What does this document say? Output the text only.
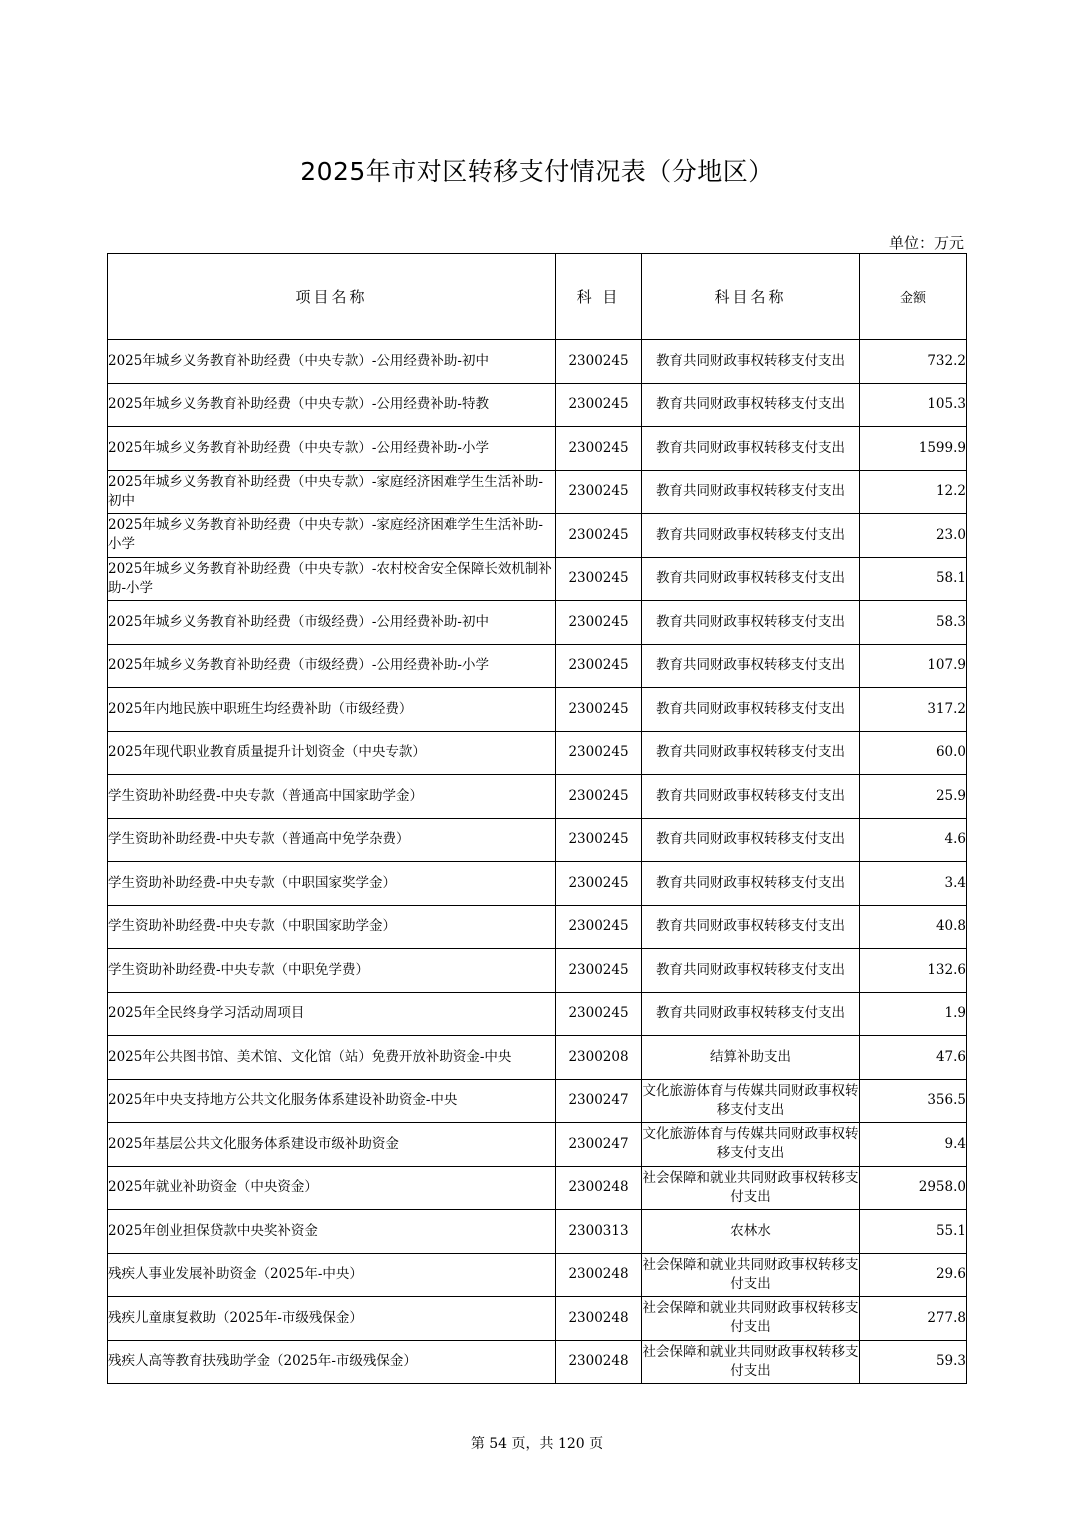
2025年市对区转移支付情况表（分地区）
单位：万元
项目名称	科 目	科目名称	金额
2025年城乡义务教育补助经费（中央专款）-公用经费补助-初中	2300245	教育共同财政事权转移支付支出	732.2
2025年城乡义务教育补助经费（中央专款）-公用经费补助-特教	2300245	教育共同财政事权转移支付支出	105.3
2025年城乡义务教育补助经费（中央专款）-公用经费补助-小学	2300245	教育共同财政事权转移支付支出	1599.9
2025年城乡义务教育补助经费（中央专款）-家庭经济困难学生生活补助-初中	2300245	教育共同财政事权转移支付支出	12.2
2025年城乡义务教育补助经费（中央专款）-家庭经济困难学生生活补助-小学	2300245	教育共同财政事权转移支付支出	23.0
2025年城乡义务教育补助经费（中央专款）-农村校舍安全保障长效机制补助-小学	2300245	教育共同财政事权转移支付支出	58.1
2025年城乡义务教育补助经费（市级经费）-公用经费补助-初中	2300245	教育共同财政事权转移支付支出	58.3
2025年城乡义务教育补助经费（市级经费）-公用经费补助-小学	2300245	教育共同财政事权转移支付支出	107.9
2025年内地民族中职班生均经费补助（市级经费）	2300245	教育共同财政事权转移支付支出	317.2
2025年现代职业教育质量提升计划资金（中央专款）	2300245	教育共同财政事权转移支付支出	60.0
学生资助补助经费-中央专款（普通高中国家助学金）	2300245	教育共同财政事权转移支付支出	25.9
学生资助补助经费-中央专款（普通高中免学杂费）	2300245	教育共同财政事权转移支付支出	4.6
学生资助补助经费-中央专款（中职国家奖学金）	2300245	教育共同财政事权转移支付支出	3.4
学生资助补助经费-中央专款（中职国家助学金）	2300245	教育共同财政事权转移支付支出	40.8
学生资助补助经费-中央专款（中职免学费）	2300245	教育共同财政事权转移支付支出	132.6
2025年全民终身学习活动周项目	2300245	教育共同财政事权转移支付支出	1.9
2025年公共图书馆、美术馆、文化馆（站）免费开放补助资金-中央	2300208	结算补助支出	47.6
2025年中央支持地方公共文化服务体系建设补助资金-中央	2300247	文化旅游体育与传媒共同财政事权转移支付支出	356.5
2025年基层公共文化服务体系建设市级补助资金	2300247	文化旅游体育与传媒共同财政事权转移支付支出	9.4
2025年就业补助资金（中央资金）	2300248	社会保障和就业共同财政事权转移支付支出	2958.0
2025年创业担保贷款中央奖补资金	2300313	农林水	55.1
残疾人事业发展补助资金（2025年-中央）	2300248	社会保障和就业共同财政事权转移支付支出	29.6
残疾儿童康复救助（2025年-市级残保金）	2300248	社会保障和就业共同财政事权转移支付支出	277.8
残疾人高等教育扶残助学金（2025年-市级残保金）	2300248	社会保障和就业共同财政事权转移支付支出	59.3
第 54 页，共 120 页
